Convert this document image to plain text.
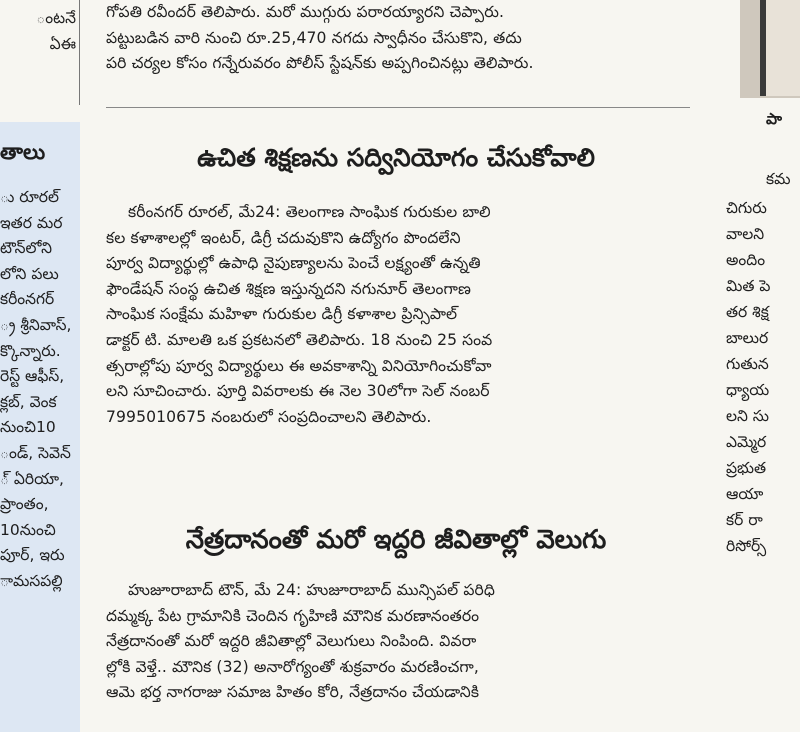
ంటనే
ఏఈ
తాలు
ు రూరల్
ఇతర మర
టౌన్‌లోని
లోని పలు
కరీంనగర్
్ర శ్రీనివాస్,
క్కొన్నారు.
రెస్ట్ ఆఫీస్,
క్లబ్, వెంక
నుంచి10
ండ్, సెవెన్
్ ఏరియా,
ప్రాంతం,
10నుంచి
పూర్, ఇరు
ామసపల్లి
గోపతి రవీందర్ తెలిపారు. మరో ముగ్గురు పరారయ్యారని చెప్పారు.
పట్టుబడిన వారి నుంచి రూ.25,470 నగదు స్వాధీనం చేసుకొని, తదు
పరి చర్యల కోసం గన్నేరువరం పోలీస్ స్టేషన్‌కు అప్పగించినట్లు తెలిపారు.
ఉచిత శిక్షణను సద్వినియోగం చేసుకోవాలి
కరీంనగర్ రూరల్, మే24: తెలంగాణ సాంఘిక గురుకుల బాలి
కల కళాశాలల్లో ఇంటర్, డిగ్రీ చదువుకొని ఉద్యోగం పొందలేని
పూర్వ విద్యార్థుల్లో ఉపాధి నైపుణ్యాలను పెంచే లక్ష్యంతో ఉన్నతి
ఫౌండేషన్ సంస్థ ఉచిత శిక్షణ ఇస్తున్నదని నగునూర్ తెలంగాణ
సాంఘిక సంక్షేమ మహిళా గురుకుల డిగ్రీ కళాశాల ప్రిన్సిపాల్
డాక్టర్ టి. మాలతి ఒక ప్రకటనలో తెలిపారు. 18 నుంచి 25 సంవ
త్సరాల్లోపు పూర్వ విద్యార్థులు ఈ అవకాశాన్ని వినియోగించుకోవా
లని సూచించారు. పూర్తి వివరాలకు ఈ నెల 30లోగా సెల్ నంబర్
7995010675 నంబరులో సంప్రదించాలని తెలిపారు.
నేత్రదానంతో మరో ఇద్దరి జీవితాల్లో వెలుగు
హుజూరాబాద్ టౌన్, మే 24: హుజూరాబాద్ మున్సిపల్ పరిధి
దమ్మక్క పేట గ్రామానికి చెందిన గృహిణి మౌనిక మరణానంతరం
నేత్రదానంతో మరో ఇద్దరి జీవితాల్లో వెలుగులు నింపింది. వివరా
ల్లోకి వెళ్తే.. మౌనిక (32) అనారోగ్యంతో శుక్రవారం మరణించగా,
ఆమె భర్త నాగరాజు సమాజ హితం కోరి, నేత్రదానం చేయడానికి
పా
కమ
చిగురు
వాలని
అందిం
మిత పె
తర శిక్ష
బాలుర
గుతున
ధ్యాయ
లని సు
ఎమ్మెర
ప్రభుత
ఆయా
కర్ రా
రిసోర్స్
